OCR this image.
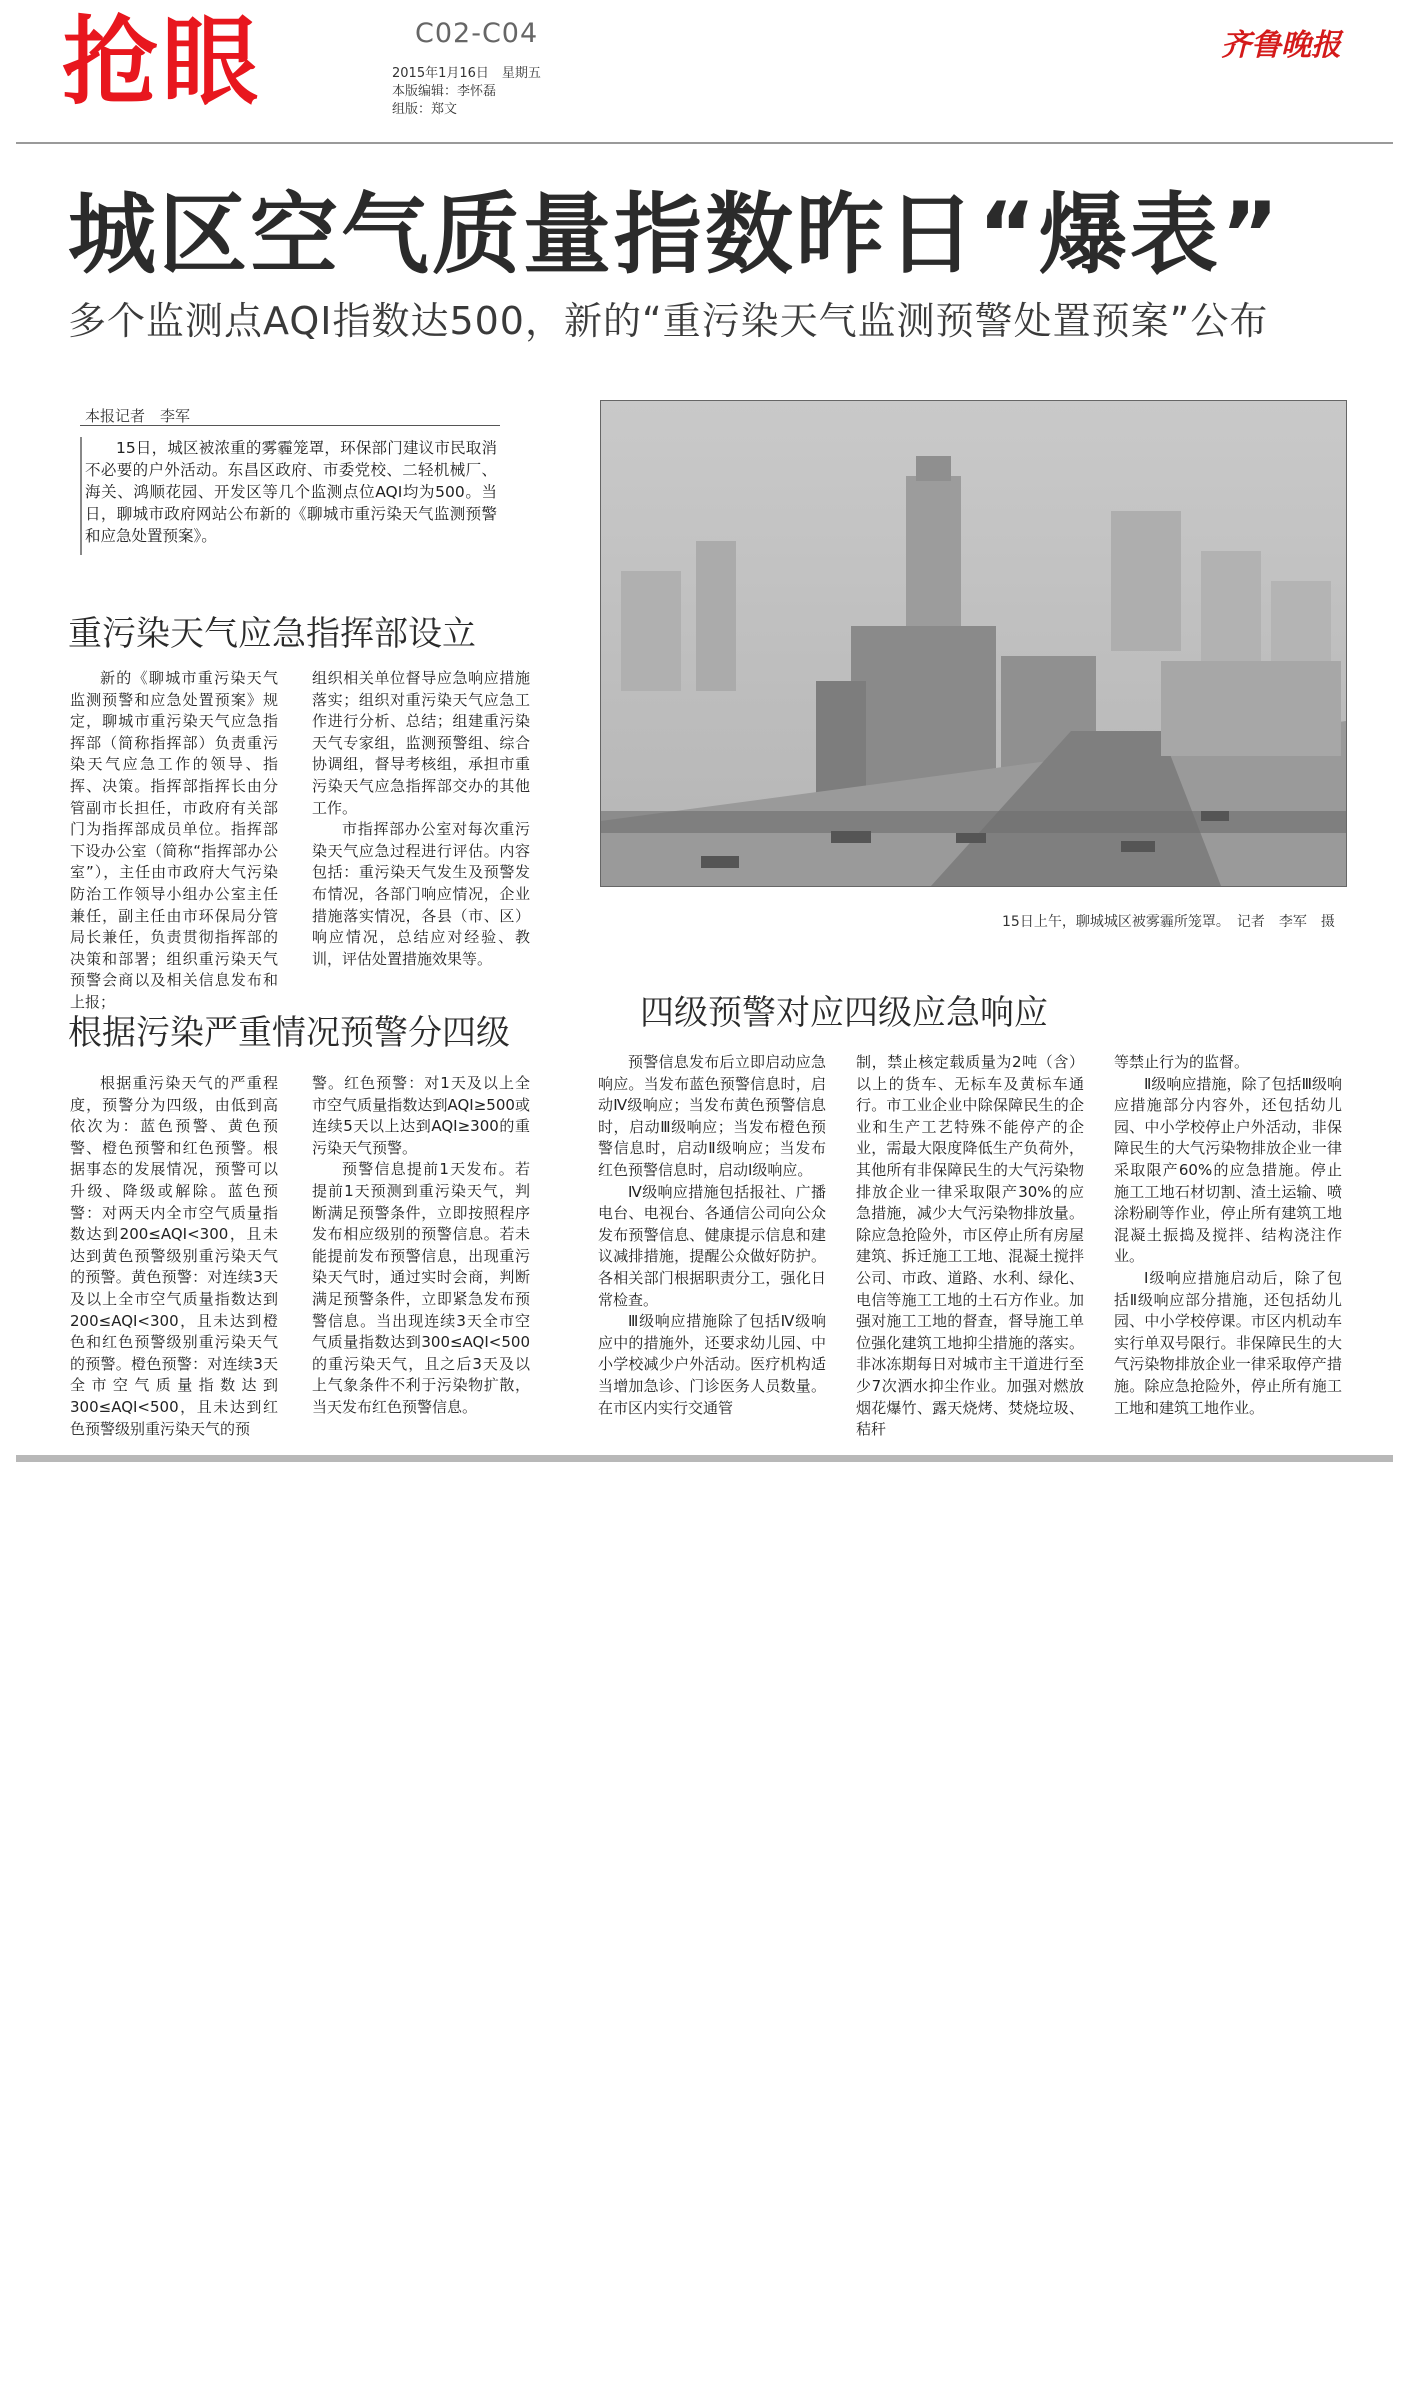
抢眼	C02-C04
2015年1月16日　星期五
本版编辑：李怀磊
组版：郑文
齐鲁晚报
城区空气质量指数昨日“爆表”
多个监测点AQI指数达500，新的“重污染天气监测预警处置预案”公布
本报记者　李军
15日，城区被浓重的雾霾笼罩，环保部门建议市民取消不必要的户外活动。东昌区政府、市委党校、二轻机械厂、海关、鸿顺花园、开发区等几个监测点位AQI均为500。当日，聊城市政府网站公布新的《聊城市重污染天气监测预警和应急处置预案》。
15日上午，聊城城区被雾霾所笼罩。　记者　李军　摄
重污染天气应急指挥部设立

新的《聊城市重污染天气监测预警和应急处置预案》规定，聊城市重污染天气应急指挥部（简称指挥部）负责重污染天气应急工作的领导、指挥、决策。指挥部指挥长由分管副市长担任，市政府有关部门为指挥部成员单位。指挥部下设办公室（简称“指挥部办公室”），主任由市政府大气污染防治工作领导小组办公室主任兼任，副主任由市环保局分管局长兼任，负责贯彻指挥部的决策和部署；组织重污染天气预警会商以及相关信息发布和上报；

组织相关单位督导应急响应措施落实；组织对重污染天气应急工作进行分析、总结；组建重污染天气专家组，监测预警组、综合协调组，督导考核组，承担市重污染天气应急指挥部交办的其他工作。

市指挥部办公室对每次重污染天气应急过程进行评估。内容包括：重污染天气发生及预警发布情况，各部门响应情况，企业措施落实情况，各县（市、区）响应情况，总结应对经验、教训，评估处置措施效果等。

根据污染严重情况预警分四级

根据重污染天气的严重程度，预警分为四级，由低到高依次为：蓝色预警、黄色预警、橙色预警和红色预警。根据事态的发展情况，预警可以升级、降级或解除。蓝色预警：对两天内全市空气质量指数达到200≤AQI<300，且未达到黄色预警级别重污染天气的预警。黄色预警：对连续3天及以上全市空气质量指数达到200≤AQI<300，且未达到橙色和红色预警级别重污染天气的预警。橙色预警：对连续3天全市空气质量指数达到300≤AQI<500，且未达到红色预警级别重污染天气的预

警。红色预警：对1天及以上全市空气质量指数达到AQI≥500或连续5天以上达到AQI≥300的重污染天气预警。

预警信息提前1天发布。若提前1天预测到重污染天气，判断满足预警条件，立即按照程序发布相应级别的预警信息。若未能提前发布预警信息，出现重污染天气时，通过实时会商，判断满足预警条件，立即紧急发布预警信息。当出现连续3天全市空气质量指数达到300≤AQI<500的重污染天气，且之后3天及以上气象条件不利于污染物扩散，当天发布红色预警信息。

四级预警对应四级应急响应

预警信息发布后立即启动应急响应。当发布蓝色预警信息时，启动Ⅳ级响应；当发布黄色预警信息时，启动Ⅲ级响应；当发布橙色预警信息时，启动Ⅱ级响应；当发布红色预警信息时，启动Ⅰ级响应。

Ⅳ级响应措施包括报社、广播电台、电视台、各通信公司向公众发布预警信息、健康提示信息和建议减排措施，提醒公众做好防护。各相关部门根据职责分工，强化日常检查。

Ⅲ级响应措施除了包括Ⅳ级响应中的措施外，还要求幼儿园、中小学校减少户外活动。医疗机构适当增加急诊、门诊医务人员数量。在市区内实行交通管

制，禁止核定载质量为2吨（含）以上的货车、无标车及黄标车通行。市工业企业中除保障民生的企业和生产工艺特殊不能停产的企业，需最大限度降低生产负荷外，其他所有非保障民生的大气污染物排放企业一律采取限产30%的应急措施，减少大气污染物排放量。除应急抢险外，市区停止所有房屋建筑、拆迁施工工地、混凝土搅拌公司、市政、道路、水利、绿化、电信等施工工地的土石方作业。加强对施工工地的督查，督导施工单位强化建筑工地抑尘措施的落实。非冰冻期每日对城市主干道进行至少7次洒水抑尘作业。加强对燃放烟花爆竹、露天烧烤、焚烧垃圾、秸秆

等禁止行为的监督。

Ⅱ级响应措施，除了包括Ⅲ级响应措施部分内容外，还包括幼儿园、中小学校停止户外活动，非保障民生的大气污染物排放企业一律采取限产60%的应急措施。停止施工工地石材切割、渣土运输、喷涂粉刷等作业，停止所有建筑工地混凝土振捣及搅拌、结构浇注作业。

Ⅰ级响应措施启动后，除了包括Ⅱ级响应部分措施，还包括幼儿园、中小学校停课。市区内机动车实行单双号限行。非保障民生的大气污染物排放企业一律采取停产措施。除应急抢险外，停止所有施工工地和建筑工地作业。
